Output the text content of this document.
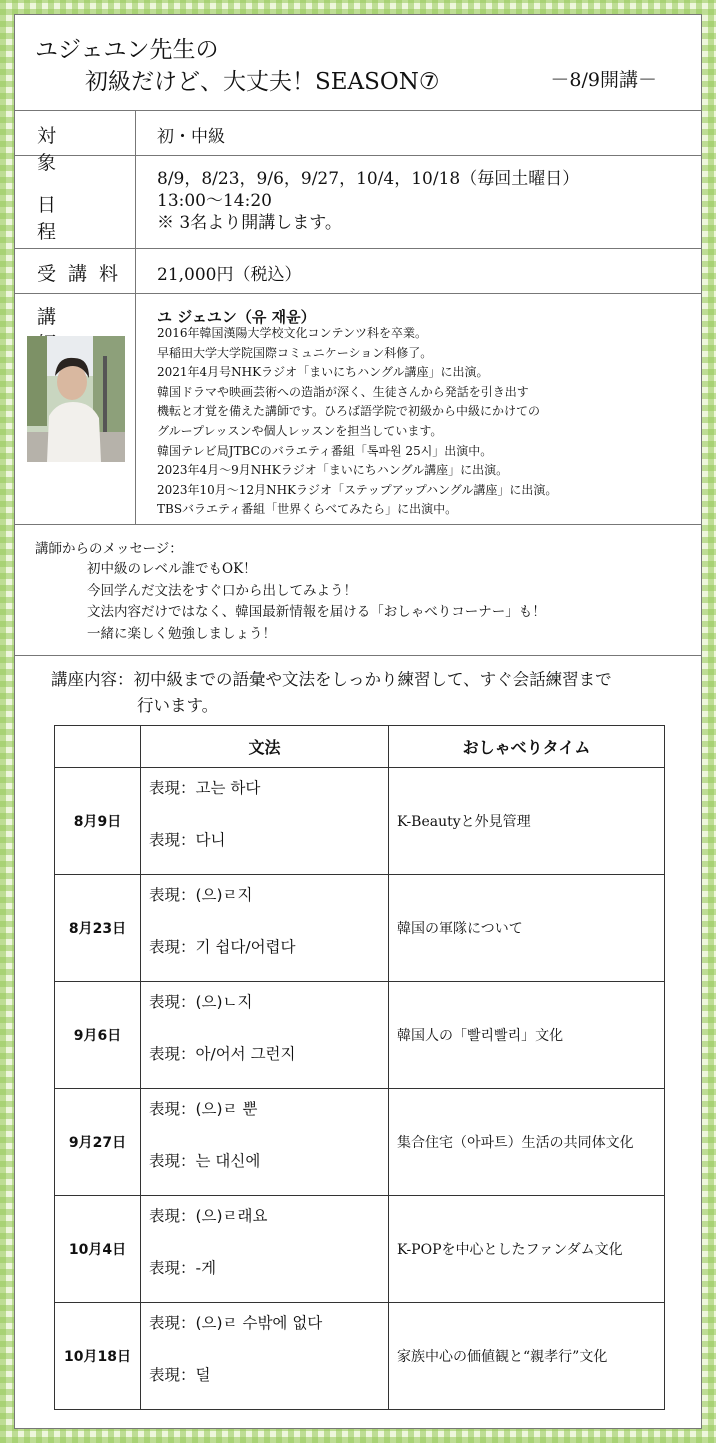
ユジェユン先生の
初級だけど、大丈夫！SEASON⑦	－8/9開講－
対象
初・中級
日程
8/9，8/23，9/6，9/27，10/4，10/18（毎回土曜日）
13:00～14:20
※ 3名より開講します。
受講料 21,000円（税込）
講	ユ ジェユン（유 재윤）
2016年韓国漢陽大学校文化コンテンツ科を卒業。
早稲田大学大学院国際コミュニケーション科修了。
2021年4月号NHKラジオ「まいにちハングル講座」に出演。
韓国ドラマや映画芸術への造詣が深く、生徒さんから発話を引き出す
機転と才覚を備えた講師です。ひろば語学院で初級から中級にかけての
グループレッスンや個人レッスンを担当しています。
韓国テレビ局JTBCのバラエティ番組「톡파원 25시」出演中。
2023年4月～9月NHKラジオ「まいにちハングル講座」に出演。
2023年10月～12月NHKラジオ「ステップアップハングル講座」に出演。
TBSバラエティ番組「世界くらべてみたら」に出演中。
講師からのメッセージ：
初中級のレベル誰でもOK！
今回学んだ文法をすぐ口から出してみよう！
文法内容だけではなく、韓国最新情報を届ける「おしゃべりコーナー」も！
一緒に楽しく勉強しましょう！
講座内容：初中級までの語彙や文法をしっかり練習して、すぐ会話練習まで
行います。
	文法	おしゃべりタイム
8月9日	表現：고는 하다
表現：다니	K-Beautyと外見管理
8月23日	表現：(으)ㄹ지
表現：기 쉽다/어렵다	韓国の軍隊について
9月6日	表現：(으)ㄴ지
表現：아/어서 그런지	韓国人の「빨리빨리」文化
9月27日	表現：(으)ㄹ 뿐
表現：는 대신에	集合住宅（아파트）生活の共同体文化
10月4日	表現：(으)ㄹ래요
表現：-게	K-POPを中心としたファンダム文化
10月18日	表現：(으)ㄹ 수밖에 없다
表現：덜	家族中心の価値観と“親孝行”文化
